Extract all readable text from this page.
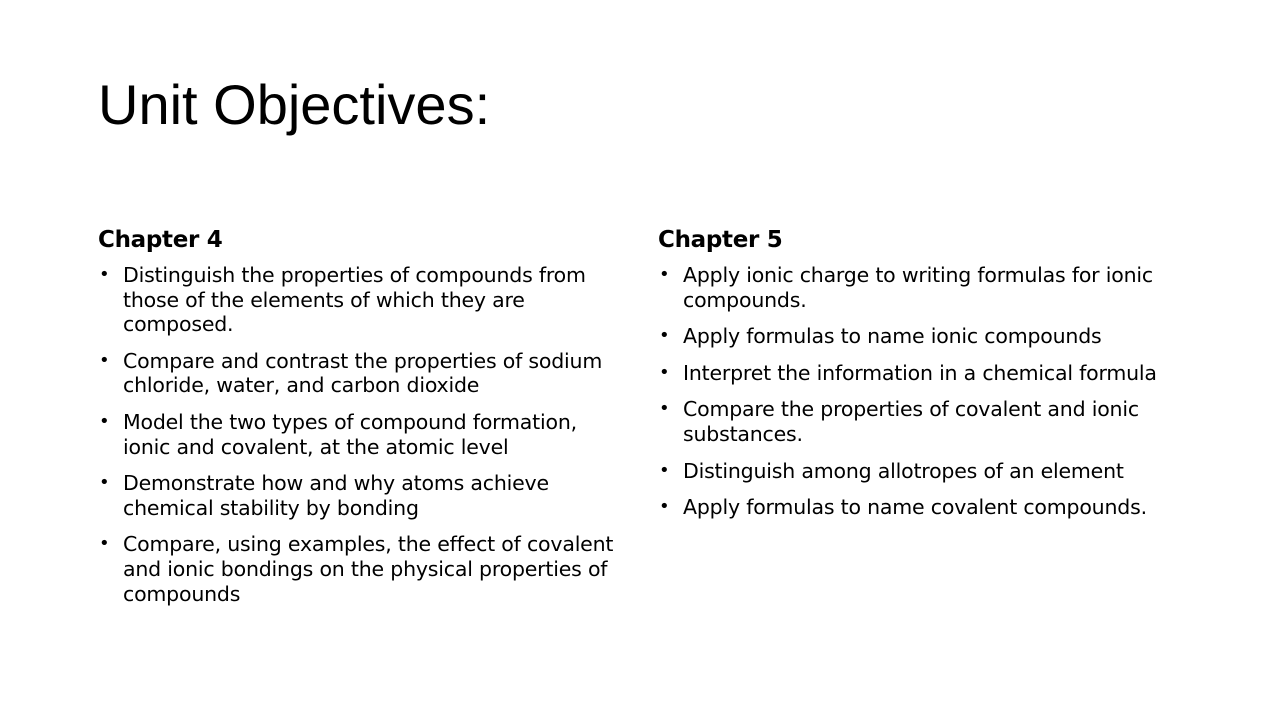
Unit Objectives:
Chapter 4
• Distinguish the properties of compounds from those of the elements of which they are composed.
• Compare and contrast the properties of sodium chloride, water, and carbon dioxide
• Model the two types of compound formation, ionic and covalent, at the atomic level
• Demonstrate how and why atoms achieve chemical stability by bonding
• Compare, using examples, the effect of covalent and ionic bondings on the physical properties of compounds
Chapter 5
• Apply ionic charge to writing formulas for ionic compounds.
• Apply formulas to name ionic compounds
• Interpret the information in a chemical formula
• Compare the properties of covalent and ionic substances.
• Distinguish among allotropes of an element
• Apply formulas to name covalent compounds.
